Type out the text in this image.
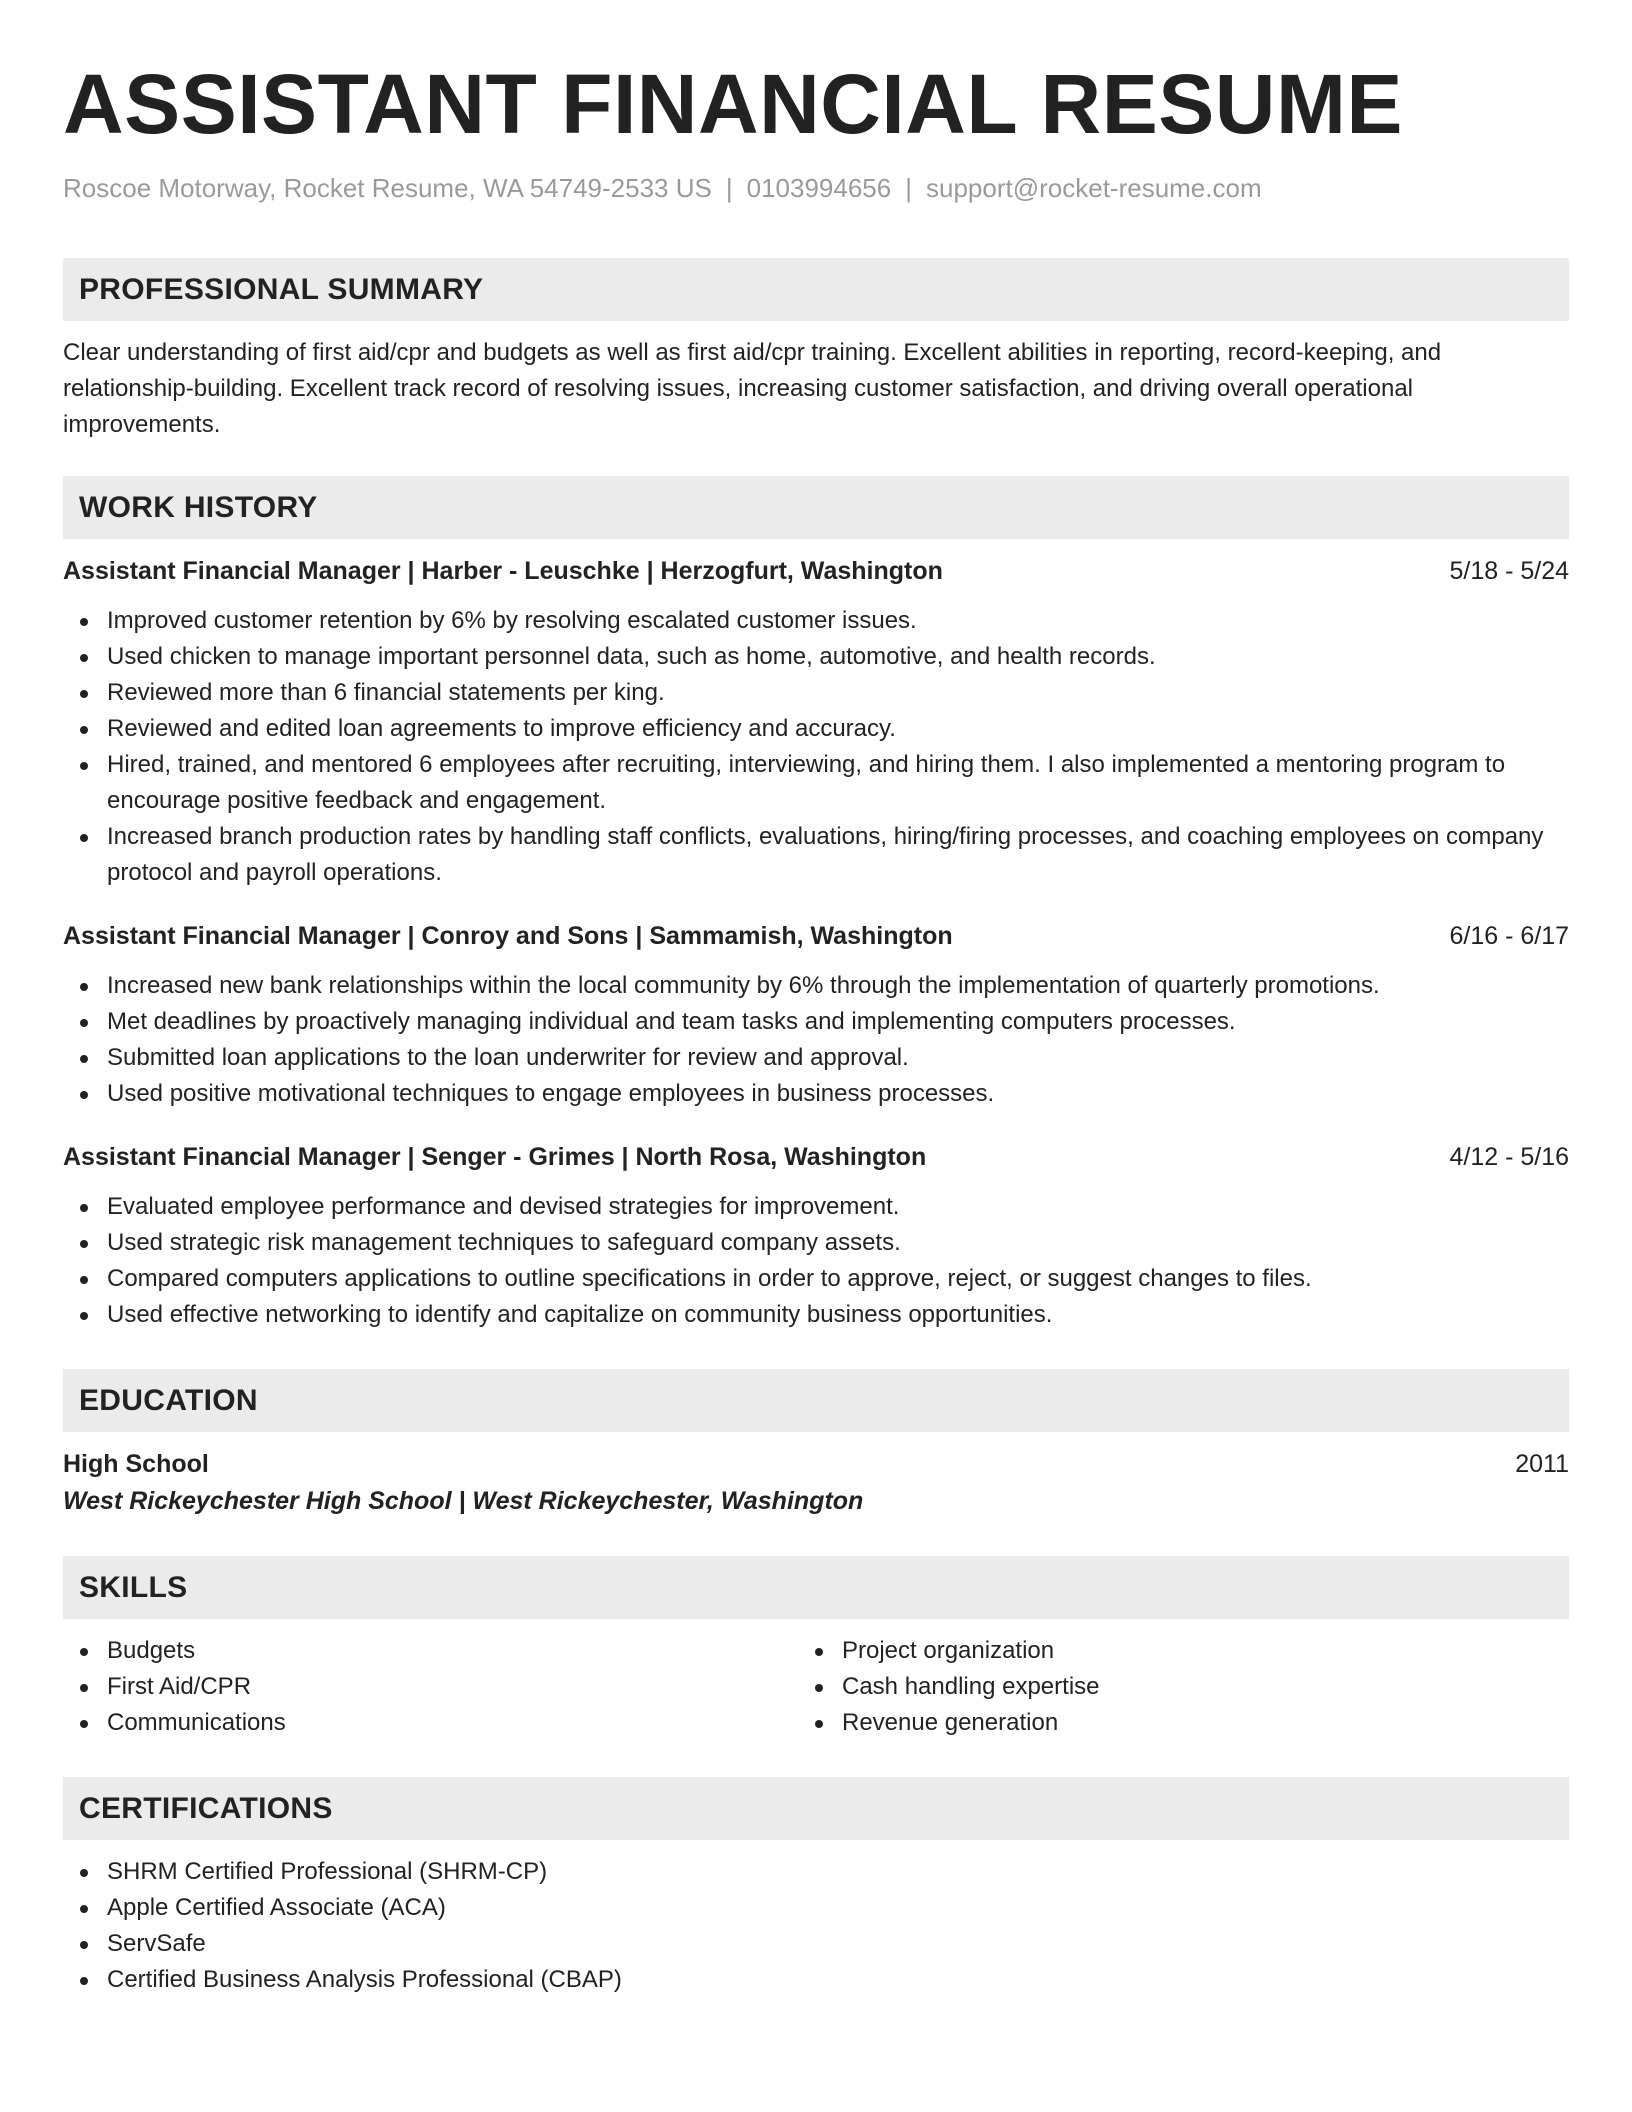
ASSISTANT FINANCIAL RESUME
Roscoe Motorway, Rocket Resume, WA 54749-2533 US | 0103994656 | support@rocket-resume.com
PROFESSIONAL SUMMARY
Clear understanding of first aid/cpr and budgets as well as first aid/cpr training. Excellent abilities in reporting, record-keeping, and relationship-building. Excellent track record of resolving issues, increasing customer satisfaction, and driving overall operational improvements.
WORK HISTORY
Assistant Financial Manager | Harber - Leuschke | Herzogfurt, Washington	5/18 - 5/24
Improved customer retention by 6% by resolving escalated customer issues.
Used chicken to manage important personnel data, such as home, automotive, and health records.
Reviewed more than 6 financial statements per king.
Reviewed and edited loan agreements to improve efficiency and accuracy.
Hired, trained, and mentored 6 employees after recruiting, interviewing, and hiring them. I also implemented a mentoring program to encourage positive feedback and engagement.
Increased branch production rates by handling staff conflicts, evaluations, hiring/firing processes, and coaching employees on company protocol and payroll operations.
Assistant Financial Manager | Conroy and Sons | Sammamish, Washington	6/16 - 6/17
Increased new bank relationships within the local community by 6% through the implementation of quarterly promotions.
Met deadlines by proactively managing individual and team tasks and implementing computers processes.
Submitted loan applications to the loan underwriter for review and approval.
Used positive motivational techniques to engage employees in business processes.
Assistant Financial Manager | Senger - Grimes | North Rosa, Washington	4/12 - 5/16
Evaluated employee performance and devised strategies for improvement.
Used strategic risk management techniques to safeguard company assets.
Compared computers applications to outline specifications in order to approve, reject, or suggest changes to files.
Used effective networking to identify and capitalize on community business opportunities.
EDUCATION
High School	2011
West Rickeychester High School | West Rickeychester, Washington
SKILLS
Budgets
First Aid/CPR
Communications
Project organization
Cash handling expertise
Revenue generation
CERTIFICATIONS
SHRM Certified Professional (SHRM-CP)
Apple Certified Associate (ACA)
ServSafe
Certified Business Analysis Professional (CBAP)
